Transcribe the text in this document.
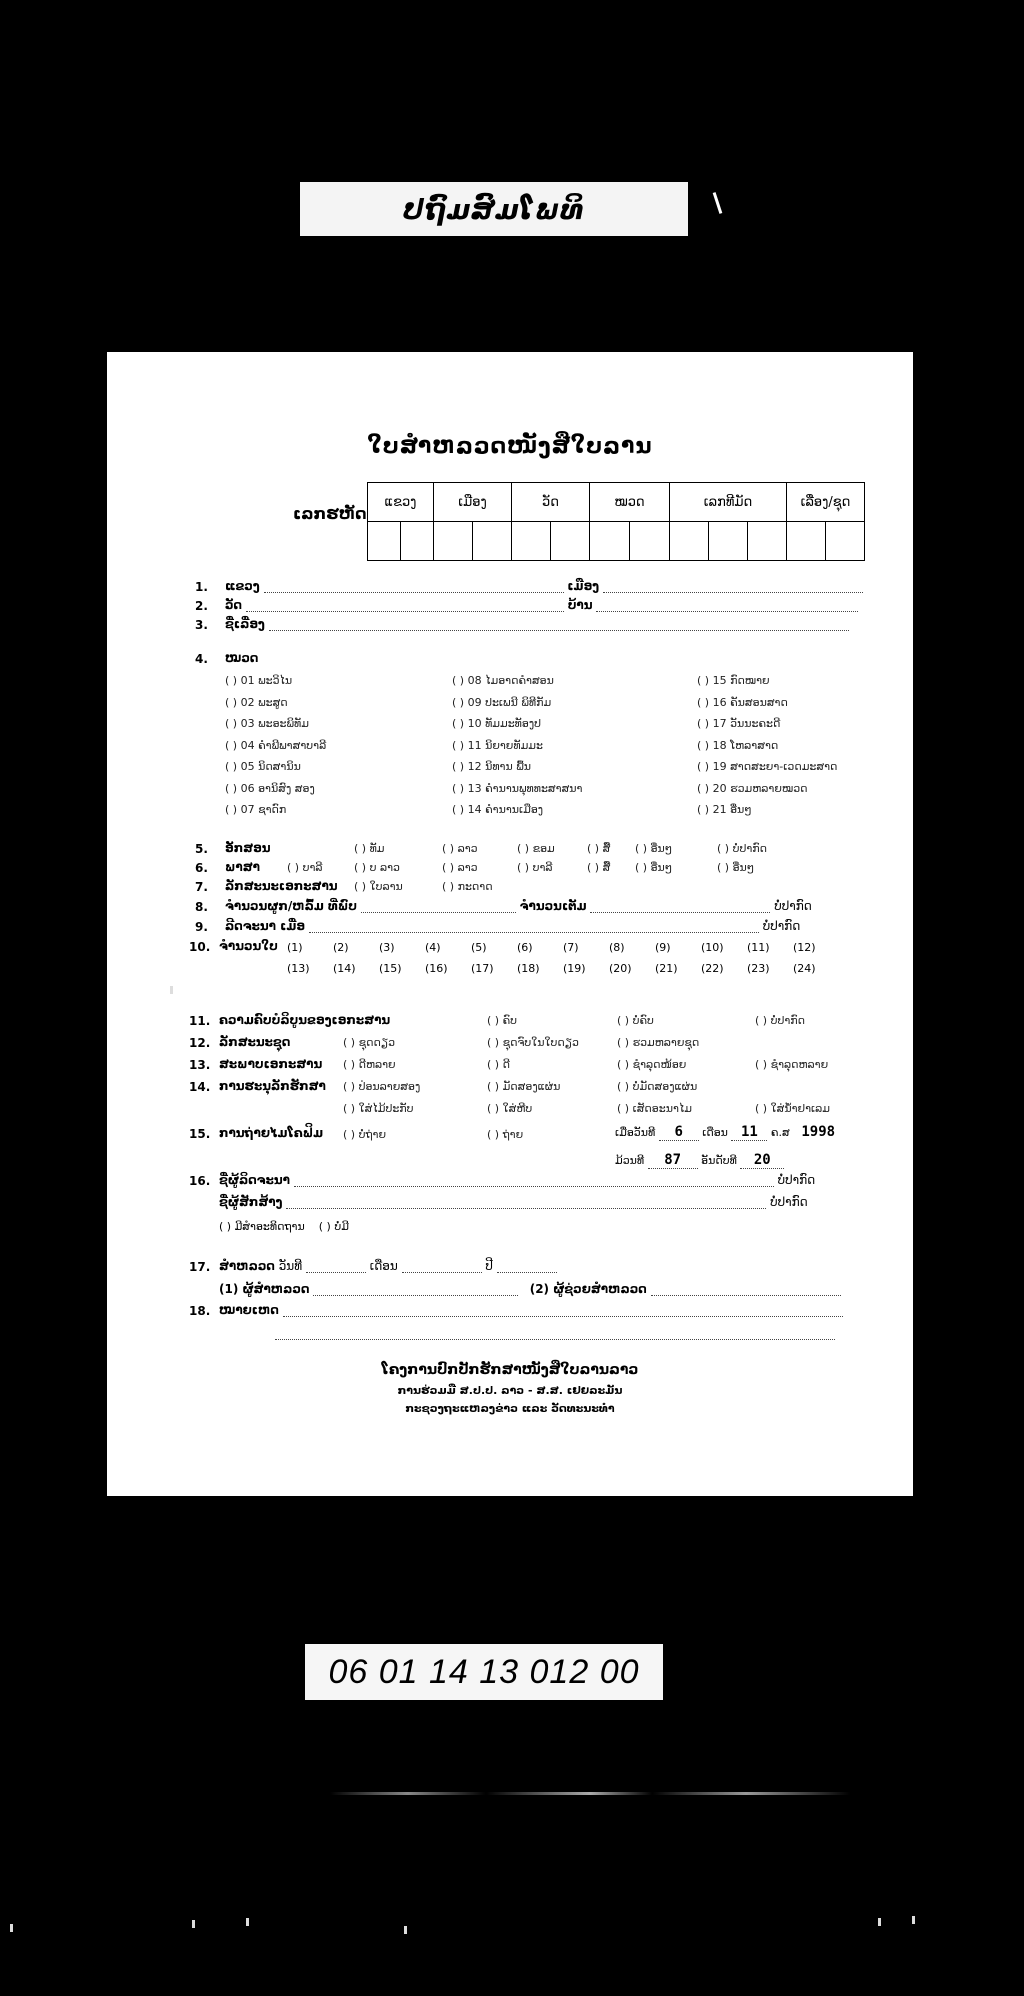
ປຖົມສົມໂພທິ
ໃບສຳຫລວດໜັງສືໃບລານ
ເລກຮຫັດ
ແຂວງ		ເມືອງ		ວັດ		ໝວດ		ເລກທີມັດ			ເລື່ອງ/ຊຸດ	

1. ແຂວງ	ເມືອງ
2. ວັດ	ບ້ານ
3. ຊື່ເລື່ອງ
4. ໝວດ
( ) 01 ພະວິໄນ
( ) 02 ພະສູດ
( ) 03 ພະອະພິທັມ
( ) 04 ຄຳພີພາສາບາລີ
( ) 05 ນິດສານິນ
( ) 06 ອານິສົງ ສອງ
( ) 07 ຊາດົກ
( ) 08 ໄມອາດຄຳສອນ
( ) 09 ປະເພນີ ພິທີກັມ
( ) 10 ທັມມະທັອງປ
( ) 11 ນິຍາຍທັມມະ
( ) 12 ນິທານ ພື້ນ
( ) 13 ຄຳນານພຸທທະສາສນາ
( ) 14 ຄຳນານເມືອງ
( ) 15 ກົດໝາຍ
( ) 16 ຄັນສອນສາດ
( ) 17 ວັນນະຄະດີ
( ) 18 ໂຫລາສາດ
( ) 19 ສາດສະຍາ-ເວດມະສາດ
( ) 20 ຮວມຫລາຍໝວດ
( ) 21 ອື່ນໆ
5. ອັກສອນ	( ) ທັມ	( ) ລາວ	( ) ຂອມ	( ) ສື້ ( ) ອື່ນໆ	( ) ບໍ່ປາກົດ
6. ພາສາ ( ) ບາລີ	( ) ບ ລາວ	( ) ລາວ	( ) ບາລີ	( ) ສື້ ( ) ອື່ນໆ	( ) ອື່ນໆ
7. ລັກສະນະເອກະສານ ( ) ໃບລານ	( ) ກະດາດ
8. ຈຳນວນຜູກ/ຫລົ້ມ ທີ່ພົບ	ຈຳນວນເຕັມ	ບໍ່ປາກົດ
9. ລີດຈະນາ ເມື່ອ	ບໍ່ປາກົດ
10. ຈຳນວນໃບ (1)	(2)	(3)	(4)	(5)	(6)	(7)	(8)	(9)	(10) (11) (12)
(13) (14) (15) (16) (17) (18) (19) (20) (21) (22) (23) (24)
11. ຄວາມຄົບບໍລິບູນຂອງເອກະສານ	( ) ຄົບ	( ) ບໍ່ຄົບ	( ) ບໍ່ປາກົດ
12. ລັກສະນະຊຸດ	( ) ຊຸດດຽວ	( ) ຊຸດຈົບໃນໃບດຽວ	( ) ຮວມຫລາຍຊຸດ
13. ສະພາບເອກະສານ ( ) ດີຫລາຍ	( ) ດີ	( ) ຊຳລຸດໜ້ອຍ	( ) ຊຳລຸດຫລາຍ
14. ການຮະນຸລັກຮັກສາ ( ) ປ່ອນລາຍສອງ	( ) ມັດສອງແຜ່ນ	( ) ບໍ່ມັດສອງແຜ່ນ
( ) ໃສ່ໄມ້ປະກັບ	( ) ໃສ່ຫີບ	( ) ເສັດອະນາໄມ	( ) ໃສ່ນໍ້າຢາເລມ
15. ການຖ່າຍໄມໂຄຟິມ ( ) ບໍ່ຖ່າຍ	( ) ຖ່າຍ	ເມື່ອວັນທີ 6 ເດືອນ 11 ຄ.ສ 1998
ມ້ວນທີ 87 ອັນດັບທີ 20
16. ຊື່ຜູ້ລິດຈະນາ	ບໍ່ປາກົດ
ຊື່ຜູ້ສັກສ້າງ	ບໍ່ປາກົດ
( ) ມີສໍາອະທິດຖານ ( ) ບໍ່ມີ
17. ສຳຫລວດ ວັນທີ	ເດືອນ	ປີ
(1) ຜູ້ສຳຫລວດ	(2) ຜູ້ຊ່ວຍສຳຫລວດ
18. ໝາຍເຫດ
ໂຄງການປົກປັກຮັກສາໜັງສືໃບລານລາວ
ການຮ່ວມມື ສ.ປ.ປ. ລາວ - ສ.ສ. ເຢຍລະມັນ
ກະຊວງຖະແຫລງຂ່າວ ແລະ ວັດທະນະທຳ
06 01 14 13 012 00
